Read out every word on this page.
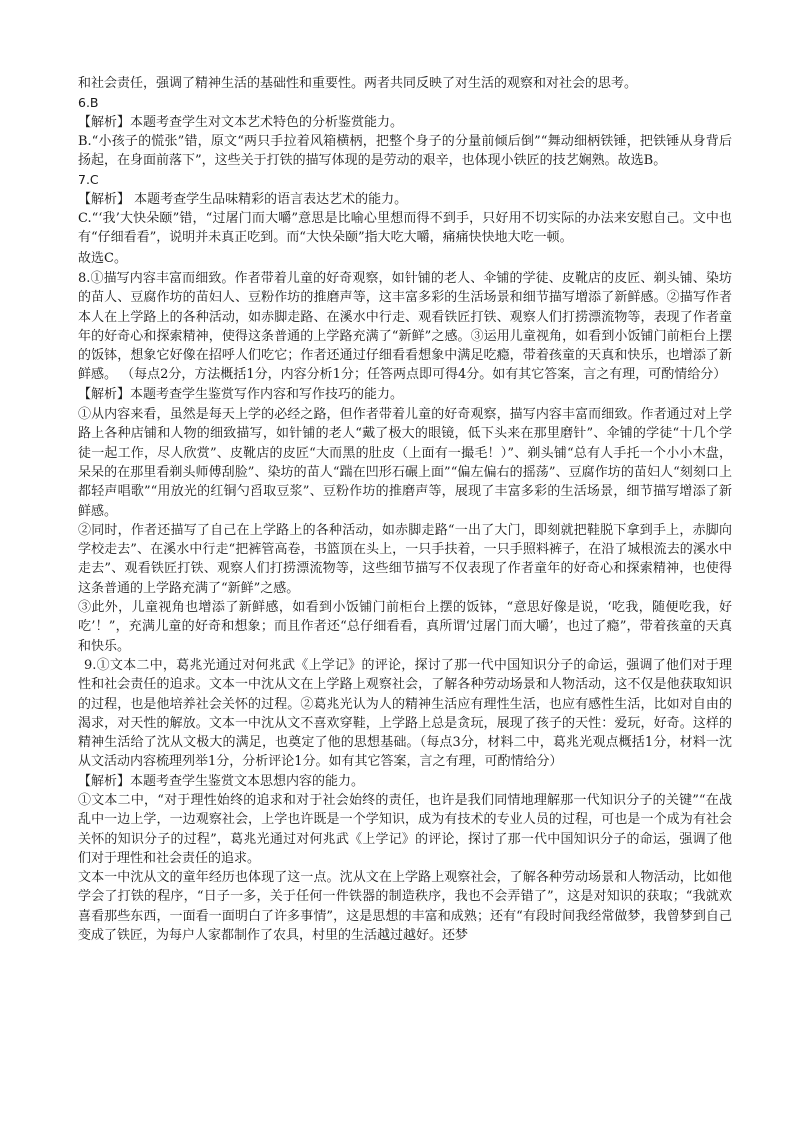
和社会责任，强调了精神生活的基础性和重要性。两者共同反映了对生活的观察和对社会的思考。

6.B

【解析】本题考查学生对文本艺术特色的分析鉴赏能力。

B.“小孩子的慌张”错，原文“两只手拉着风箱横柄，把整个身子的分量前倾后倒”“舞动细柄铁锤，把铁锤从身背后扬起，在身面前落下”，这些关于打铁的描写体现的是劳动的艰辛，也体现小铁匠的技艺娴熟。故选B。

7.C

【解析】 本题考查学生品味精彩的语言表达艺术的能力。

C.“‘我’大快朵颐”错，“过屠门而大嚼”意思是比喻心里想而得不到手，只好用不切实际的办法来安慰自己。文中也有“仔细看看”，说明并未真正吃到。而“大快朵颐”指大吃大嚼，痛痛快快地大吃一顿。

故选C。

8.①描写内容丰富而细致。作者带着儿童的好奇观察，如针铺的老人、伞铺的学徒、皮靴店的皮匠、剃头铺、染坊的苗人、豆腐作坊的苗妇人、豆粉作坊的推磨声等，这丰富多彩的生活场景和细节描写增添了新鲜感。②描写作者本人在上学路上的各种活动，如赤脚走路、在溪水中行走、观看铁匠打铁、观察人们打捞漂流物等，表现了作者童年的好奇心和探索精神，使得这条普通的上学路充满了“新鲜”之感。③运用儿童视角，如看到小饭铺门前柜台上摆的饭钵，想象它好像在招呼人们吃它；作者还通过仔细看看想象中满足吃瘾，带着孩童的天真和快乐，也增添了新鲜感。 （每点2分，方法概括1分，内容分析1分；任答两点即可得4分。如有其它答案，言之有理，可酌情给分）

【解析】本题考查学生鉴赏写作内容和写作技巧的能力。

①从内容来看，虽然是每天上学的必经之路，但作者带着儿童的好奇观察，描写内容丰富而细致。作者通过对上学路上各种店铺和人物的细致描写，如针铺的老人“戴了极大的眼镜，低下头来在那里磨针”、伞铺的学徒“十几个学徒一起工作，尽人欣赏”、皮靴店的皮匠“大而黑的肚皮（上面有一撮毛！）”、剃头铺“总有人手托一个小小木盘，呆呆的在那里看剃头师傅刮脸”、染坊的苗人“踹在凹形石碾上面”“偏左偏右的摇荡”、豆腐作坊的苗妇人“刻刻口上都轻声唱歌”“用放光的红铜勺舀取豆浆”、豆粉作坊的推磨声等，展现了丰富多彩的生活场景，细节描写增添了新鲜感。

②同时，作者还描写了自己在上学路上的各种活动，如赤脚走路“一出了大门，即刻就把鞋脱下拿到手上，赤脚向学校走去”、在溪水中行走“把裤管高卷，书篮顶在头上，一只手扶着，一只手照料裤子，在沿了城根流去的溪水中走去”、观看铁匠打铁、观察人们打捞漂流物等，这些细节描写不仅表现了作者童年的好奇心和探索精神，也使得这条普通的上学路充满了“新鲜”之感。

③此外，儿童视角也增添了新鲜感，如看到小饭铺门前柜台上摆的饭钵，“意思好像是说，‘吃我，随便吃我，好吃’！”，充满儿童的好奇和想象；而且作者还“总仔细看看，真所谓‘过屠门而大嚼’，也过了瘾”，带着孩童的天真和快乐。

9.①文本二中，葛兆光通过对何兆武《上学记》的评论，探讨了那一代中国知识分子的命运，强调了他们对于理性和社会责任的追求。文本一中沈从文在上学路上观察社会，了解各种劳动场景和人物活动，这不仅是他获取知识的过程，也是他培养社会关怀的过程。②葛兆光认为人的精神生活应有理性生活，也应有感性生活，比如对自由的渴求，对天性的解放。文本一中沈从文不喜欢穿鞋，上学路上总是贪玩，展现了孩子的天性：爱玩，好奇。这样的精神生活给了沈从文极大的满足，也奠定了他的思想基础。（每点3分，材料二中，葛兆光观点概括1分，材料一沈从文活动内容梳理列举1分，分析评论1分。如有其它答案，言之有理，可酌情给分）

【解析】本题考查学生鉴赏文本思想内容的能力。

①文本二中，“对于理性始终的追求和对于社会始终的责任，也许是我们同情地理解那一代知识分子的关键”“在战乱中一边上学，一边观察社会，上学也许既是一个学知识，成为有技术的专业人员的过程，可也是一个成为有社会关怀的知识分子的过程”，葛兆光通过对何兆武《上学记》的评论，探讨了那一代中国知识分子的命运，强调了他们对于理性和社会责任的追求。

文本一中沈从文的童年经历也体现了这一点。沈从文在上学路上观察社会，了解各种劳动场景和人物活动，比如他学会了打铁的程序，“日子一多，关于任何一件铁器的制造秩序，我也不会弄错了”，这是对知识的获取；“我就欢喜看那些东西，一面看一面明白了许多事情”，这是思想的丰富和成熟；还有“有段时间我经常做梦，我曾梦到自己变成了铁匠，为每户人家都制作了农具，村里的生活越过越好。还梦
